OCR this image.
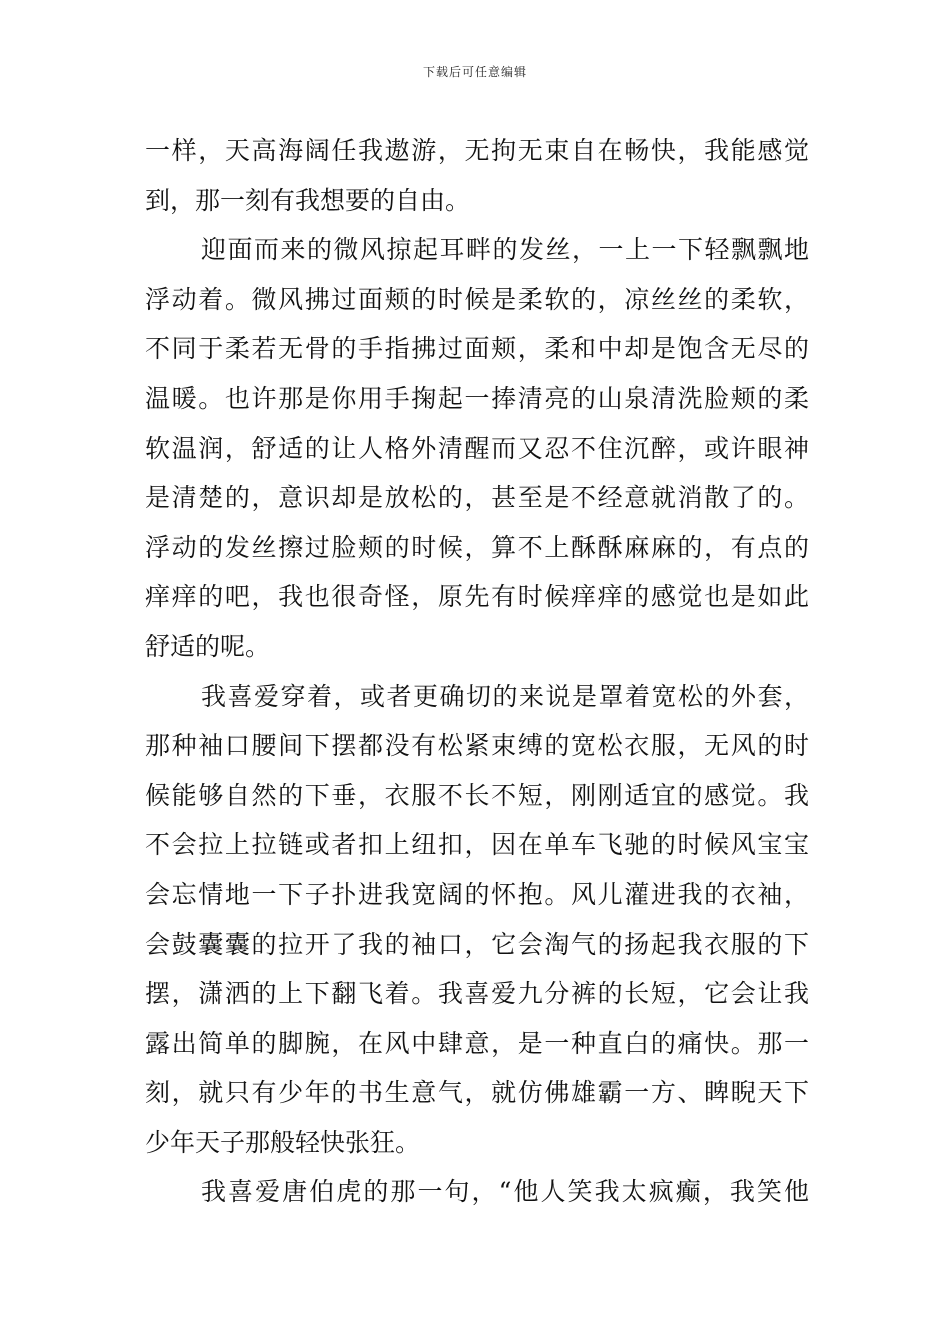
下载后可任意编辑
一样，天高海阔任我遨游，无拘无束自在畅快，我能感觉
到，那一刻有我想要的自由。
迎面而来的微风掠起耳畔的发丝，一上一下轻飘飘地
浮动着。微风拂过面颊的时候是柔软的，凉丝丝的柔软，
不同于柔若无骨的手指拂过面颊，柔和中却是饱含无尽的
温暖。也许那是你用手掬起一捧清亮的山泉清洗脸颊的柔
软温润，舒适的让人格外清醒而又忍不住沉醉，或许眼神
是清楚的，意识却是放松的，甚至是不经意就消散了的。
浮动的发丝擦过脸颊的时候，算不上酥酥麻麻的，有点的
痒痒的吧，我也很奇怪，原先有时候痒痒的感觉也是如此
舒适的呢。
我喜爱穿着，或者更确切的来说是罩着宽松的外套，
那种袖口腰间下摆都没有松紧束缚的宽松衣服，无风的时
候能够自然的下垂，衣服不长不短，刚刚适宜的感觉。我
不会拉上拉链或者扣上纽扣，因在单车飞驰的时候风宝宝
会忘情地一下子扑进我宽阔的怀抱。风儿灌进我的衣袖，
会鼓囊囊的拉开了我的袖口，它会淘气的扬起我衣服的下
摆，潇洒的上下翻飞着。我喜爱九分裤的长短，它会让我
露出简单的脚腕，在风中肆意，是一种直白的痛快。那一
刻，就只有少年的书生意气，就仿佛雄霸一方、睥睨天下
少年天子那般轻快张狂。
我喜爱唐伯虎的那一句，“他人笑我太疯癫，我笑他
